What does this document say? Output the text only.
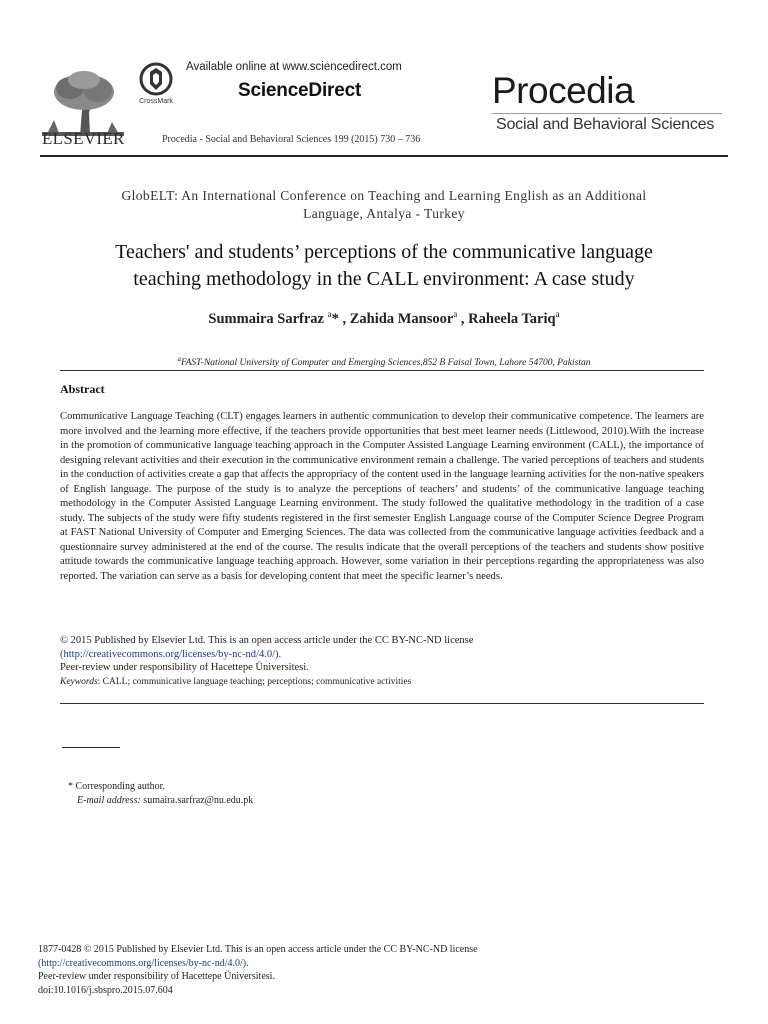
ELSEVIER
CrossMark
Available online at www.sciencedirect.com
ScienceDirect
Procedia - Social and Behavioral Sciences 199 (2015) 730 – 736
Procedia
Social and Behavioral Sciences
GlobELT: An International Conference on Teaching and Learning English as an Additional
Language, Antalya - Turkey
Teachers' and students’ perceptions of the communicative language
teaching methodology in the CALL environment: A case study
Summaira Sarfraz $^a$* , Zahida Mansoor$^a$ , Raheela Tariq$^a$
$^a$FAST-National University of Computer and Emerging Sciences,852 B Faisal Town, Lahore 54700, Pakistan
Abstract
Communicative Language Teaching (CLT) engages learners in authentic communication to develop their communicative competence. The learners are more involved and the learning more effective, if the teachers provide opportunities that best meet learner needs (Littlewood, 2010).With the increase in the promotion of communicative language teaching approach in the Computer Assisted Language Learning environment (CALL), the importance of designing relevant activities and their execution in the communicative environment remain a challenge. The varied perceptions of teachers and students in the conduction of activities create a gap that affects the appropriacy of the content used in the language learning activities for the non-native speakers of English language. The purpose of the study is to analyze the perceptions of teachers’ and students’ of the communicative language teaching methodology in the Computer Assisted Language Learning environment. The study followed the qualitative methodology in the tradition of a case study. The subjects of the study were fifty students registered in the first semester English Language course of the Computer Science Degree Program at FAST National University of Computer and Emerging Sciences. The data was collected from the communicative language activities feedback and a questionnaire survey administered at the end of the course. The results indicate that the overall perceptions of the teachers and students show positive attitude towards the communicative language teaching approach. However, some variation in their perceptions regarding the appropriateness was also reported. The variation can serve as a basis for developing content that meet the specific learner’s needs.
© 2015 Published by Elsevier Ltd. This is an open access article under the CC BY-NC-ND license
(http://creativecommons.org/licenses/by-nc-nd/4.0/).
Peer-review under responsibility of Hacettepe Üniversitesi.
Keywords: CALL; communicative language teaching; perceptions; communicative activities
* Corresponding author.
E-mail address: sumaira.sarfraz@nu.edu.pk
1877-0428 © 2015 Published by Elsevier Ltd. This is an open access article under the CC BY-NC-ND license
(http://creativecommons.org/licenses/by-nc-nd/4.0/).
Peer-review under responsibility of Hacettepe Üniversitesi.
doi:10.1016/j.sbspro.2015.07.604
